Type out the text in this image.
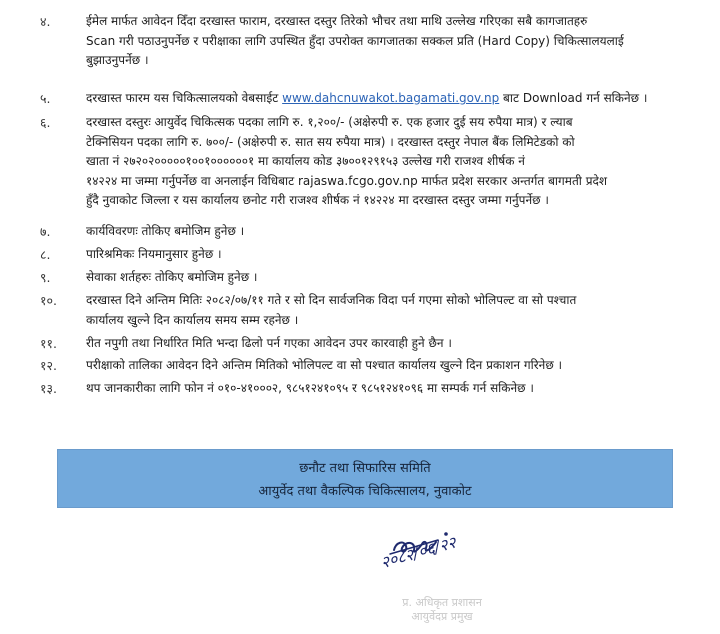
४.	ईमेल मार्फत आवेदन दिँदा दरखास्त फाराम, दरखास्त दस्तुर तिरेको भौचर तथा माथि उल्लेख गरिएका सबै कागजातहरु
Scan गरी पठाउनुपर्नेछ र परीक्षाका लागि उपस्थित हुँदा उपरोक्त कागजातका सक्कल प्रति (Hard Copy) चिकित्सालयलाई
बुझाउनुपर्नेछ ।
५.	दरखास्त फारम यस चिकित्सालयको वेबसाईट www.dahcnuwakot.bagamati.gov.np बाट Download गर्न सकिनेछ ।
६.	दरखास्त दस्तुरः आयुर्वेद चिकित्सक पदका लागि रु. १,२००/- (अक्षेरुपी रु. एक हजार दुई सय रुपैया मात्र) र ल्याब
टेक्निसियन पदका लागि रु. ७००/- (अक्षेरुपी रु. सात सय रुपैया मात्र) । दरखास्त दस्तुर नेपाल बैंक लिमिटेडको को
खाता नं २७२०२०००००१००१००००००१ मा कार्यालय कोड ३७००१२९१५३ उल्लेख गरी राजश्व शीर्षक नं
१४२२४ मा जम्मा गर्नुपर्नेछ वा अनलाईन विधिबाट rajaswa.fcgo.gov.np मार्फत प्रदेश सरकार अन्तर्गत बागमती प्रदेश
हुँदै नुवाकोट जिल्ला र यस कार्यालय छनोट गरी राजश्व शीर्षक नं १४२२४ मा दरखास्त दस्तुर जम्मा गर्नुपर्नेछ ।
७.	कार्यविवरणः तोकिए बमोजिम हुनेछ ।
८.	पारिश्रमिकः नियमानुसार हुनेछ ।
९.	सेवाका शर्तहरुः तोकिए बमोजिम हुनेछ ।
१०. दरखास्त दिने अन्तिम मितिः २०८२/०७/११ गते र सो दिन सार्वजनिक विदा पर्न गएमा सोको भोलिपल्ट वा सो पश्चात
कार्यालय खुल्ने दिन कार्यालय समय सम्म रहनेछ ।
११. रीत नपुगी तथा निर्धारित मिति भन्दा ढिलो पर्न गएका आवेदन उपर कारवाही हुने छैन ।
१२. परीक्षाको तालिका आवेदन दिने अन्तिम मितिको भोलिपल्ट वा सो पश्चात कार्यालय खुल्ने दिन प्रकाशन गरिनेछ ।
१३. थप जानकारीका लागि फोन नं ०१०-४१०००२, ९८५१२४१०९५ र ९८५१२४१०९६ मा सम्पर्क गर्न सकिनेछ ।
छनौट तथा सिफारिस समिति
आयुर्वेद तथा वैकल्पिक चिकित्सालय, नुवाकोट
२०८२/०६/२२
प्र. अधिकृत प्रशासन
आयुर्वेदप्र प्रमुख
